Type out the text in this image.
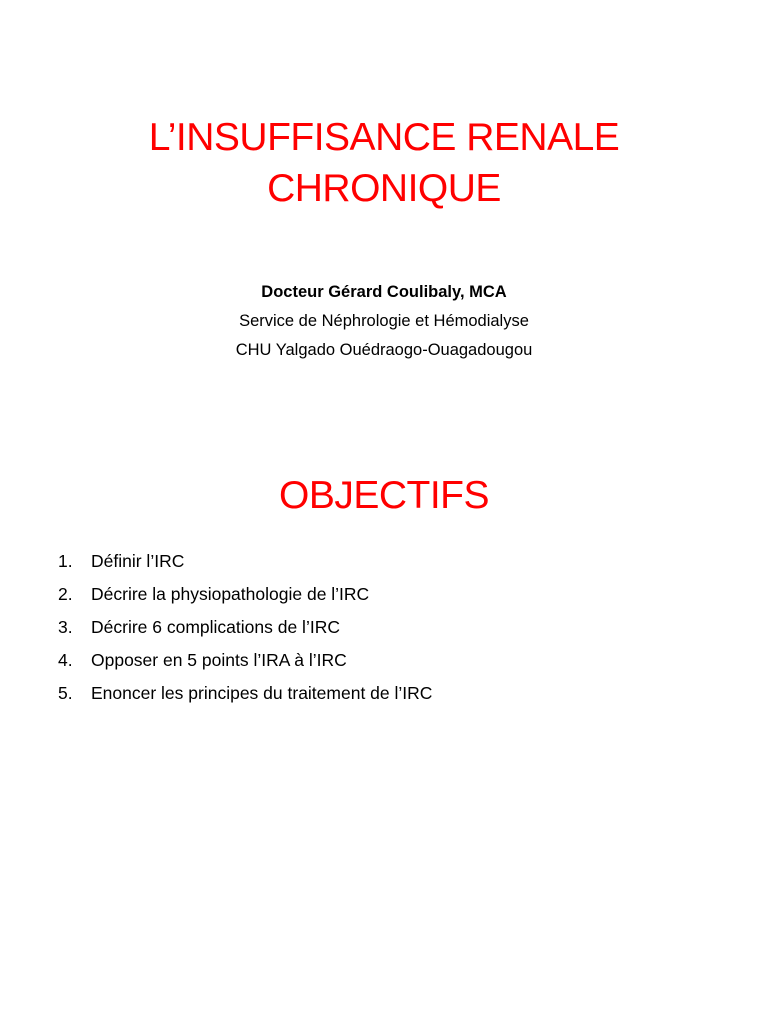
L’INSUFFISANCE RENALE
CHRONIQUE
Docteur Gérard Coulibaly, MCA
Service de Néphrologie et Hémodialyse
CHU Yalgado Ouédraogo-Ouagadougou
OBJECTIFS
1.	Définir l’IRC
2.	Décrire la physiopathologie de l’IRC
3.	Décrire 6 complications de l’IRC
4.	Opposer en 5 points l’IRA à l’IRC
5.	Enoncer les principes du traitement de l’IRC
